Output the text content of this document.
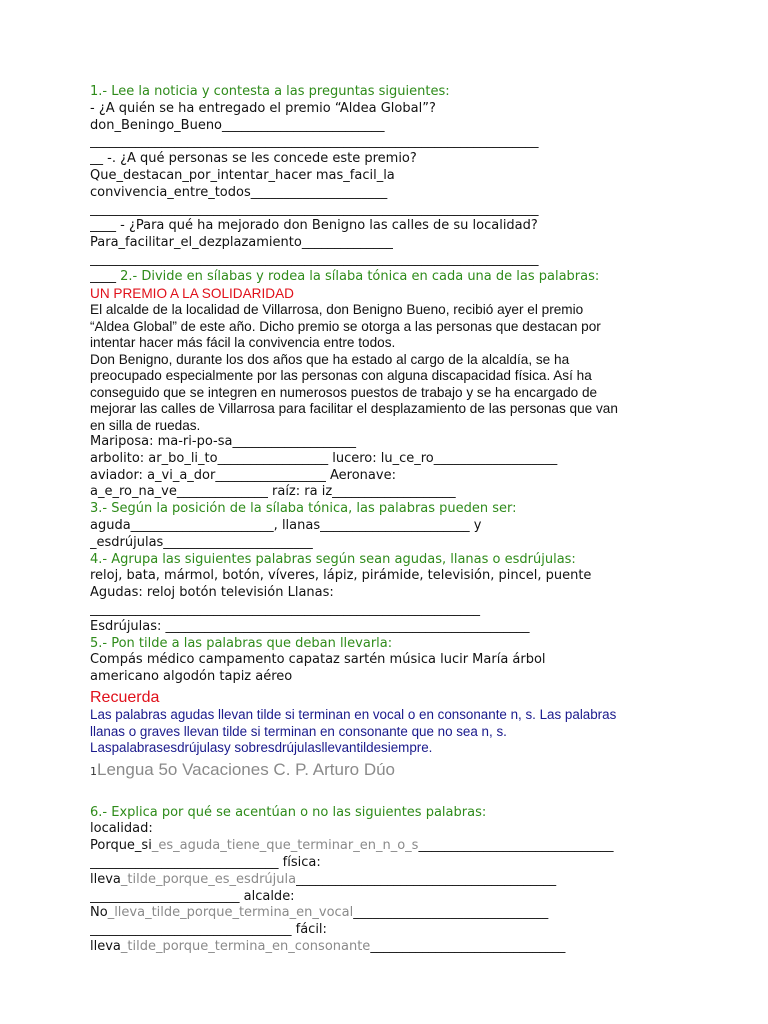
1.- Lee la noticia y contesta a las preguntas siguientes:
- ¿A quién se ha entregado el premio “Aldea Global”?
don_Beningo_Bueno_________________________
_____________________________________________________________________
__ -. ¿A qué personas se les concede este premio?
Que_destacan_por_intentar_hacer mas_facil_la
convivencia_entre_todos_____________________
_____________________________________________________________________
____ - ¿Para qué ha mejorado don Benigno las calles de su localidad?
Para_facilitar_el_dezplazamiento______________
_____________________________________________________________________
____ 2.- Divide en sílabas y rodea la sílaba tónica en cada una de las palabras:
UN PREMIO A LA SOLIDARIDAD
El alcalde de la localidad de Villarrosa, don Benigno Bueno, recibió ayer el premio
“Aldea Global” de este año. Dicho premio se otorga a las personas que destacan por
intentar hacer más fácil la convivencia entre todos.
Don Benigno, durante los dos años que ha estado al cargo de la alcaldía, se ha
preocupado especialmente por las personas con alguna discapacidad física. Así ha
conseguido que se integren en numerosos puestos de trabajo y se ha encargado de
mejorar las calles de Villarrosa para facilitar el desplazamiento de las personas que van
en silla de ruedas.
Mariposa: ma-ri-po-sa___________________
arbolito: ar_bo_li_to_________________ lucero: lu_ce_ro___________________
aviador: a_vi_a_dor_________________ Aeronave:
a_e_ro_na_ve______________ raíz: ra iz___________________
3.- Según la posición de la sílaba tónica, las palabras pueden ser:
aguda______________________, llanas_______________________ y
_esdrújulas_______________________
4.- Agrupa las siguientes palabras según sean agudas, llanas o esdrújulas:
reloj, bata, mármol, botón, víveres, lápiz, pirámide, televisión, pincel, puente
Agudas: reloj botón televisión Llanas:
____________________________________________________________
Esdrújulas: ________________________________________________________
5.- Pon tilde a las palabras que deban llevarla:
Compás médico campamento capataz sartén música lucir María árbol
americano algodón tapiz aéreo
Recuerda
Las palabras agudas llevan tilde si terminan en vocal o en consonante n, s. Las palabras
llanas o graves llevan tilde si terminan en consonante que no sea n, s.
Laspalabrasesdrújulasy sobresdrújulasllevantildesiempre.
1Lengua 5o Vacaciones C. P. Arturo Dúo
6.- Explica por qué se acentúan o no las siguientes palabras:
localidad:
Porque_si_es_aguda_tiene_que_terminar_en_n_o_s______________________________
_____________________________ física:
lleva_tilde_porque_es_esdrújula________________________________________
_______________________ alcalde:
No_lleva_tilde_porque_termina_en_vocal______________________________
_______________________________ fácil:
lleva_tilde_porque_termina_en_consonante______________________________
